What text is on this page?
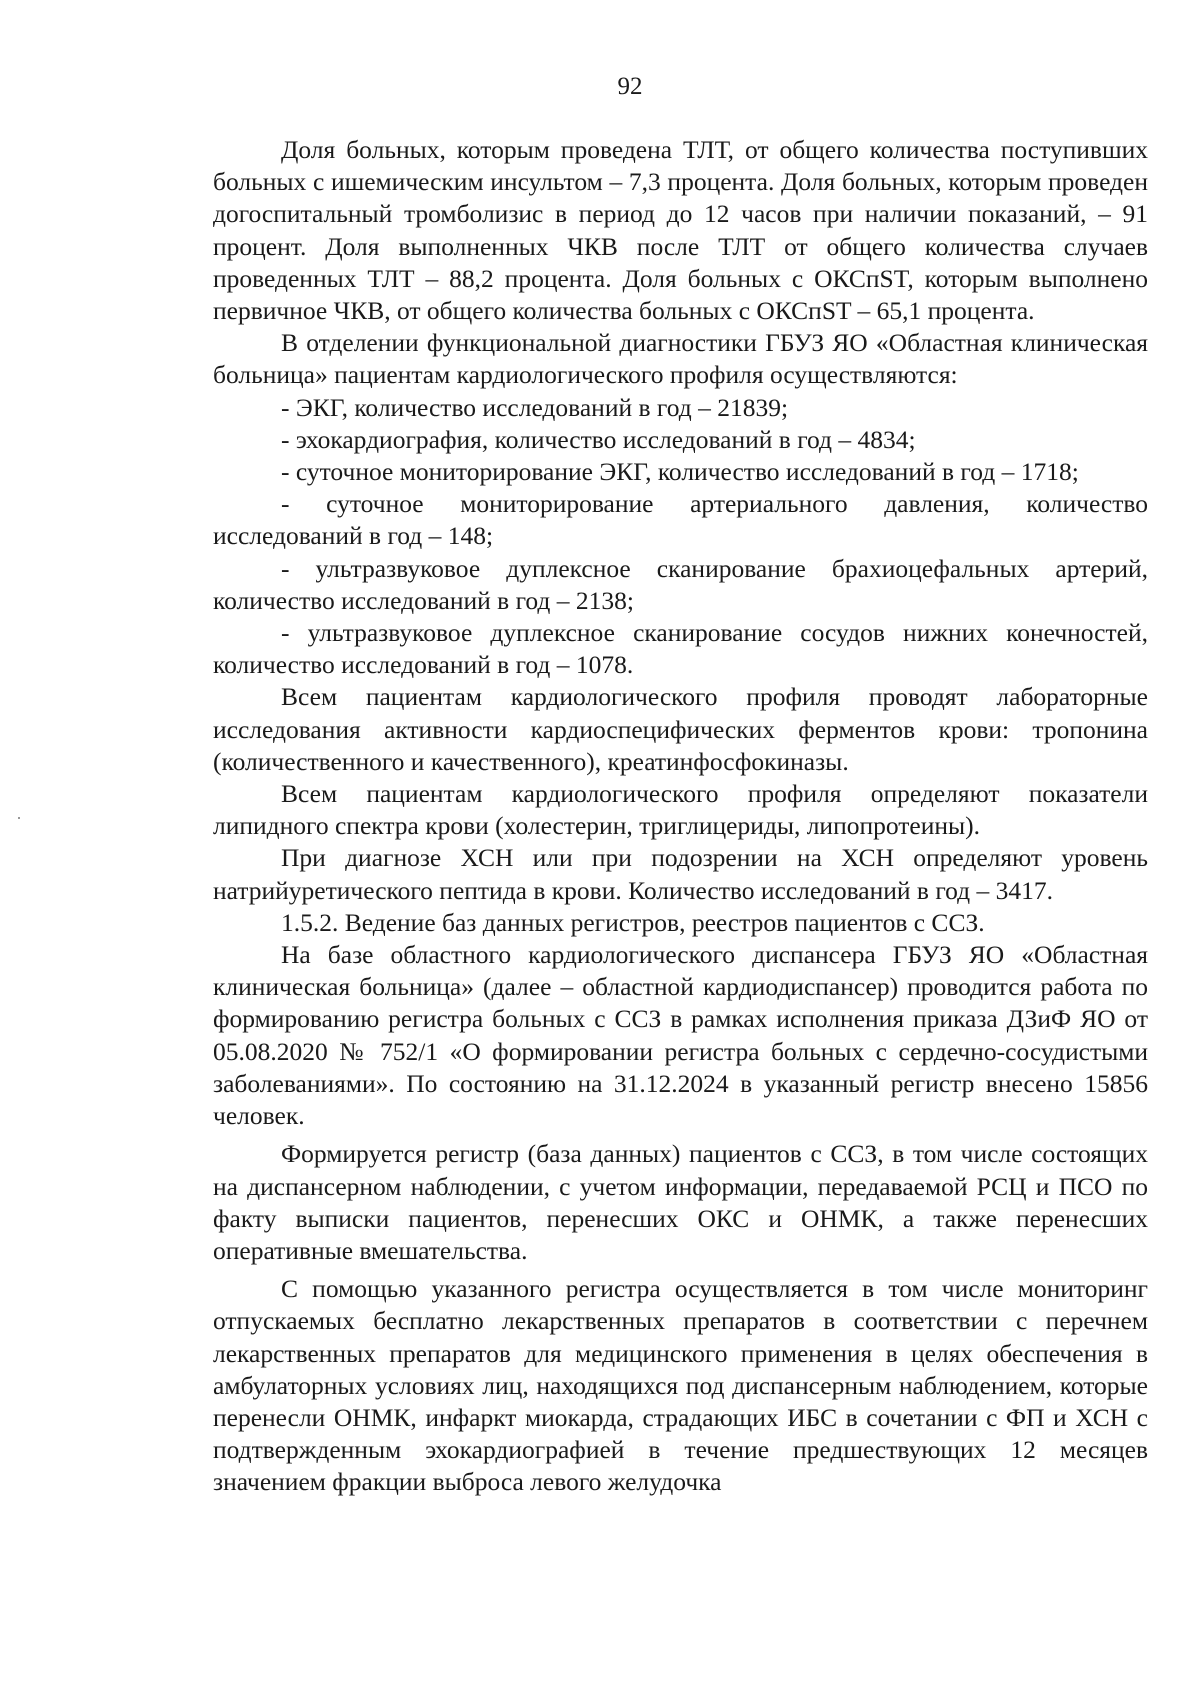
92

Доля больных, которым проведена ТЛТ, от общего количества поступивших больных с ишемическим инсультом – 7,3 процента. Доля больных, которым проведен догоспитальный тромболизис в период до 12 часов при наличии показаний, – 91 процент. Доля выполненных ЧКВ после ТЛТ от общего количества случаев проведенных ТЛТ – 88,2 процента. Доля больных с ОКСпST, которым выполнено первичное ЧКВ, от общего количества больных с ОКСпST – 65,1 процента.

В отделении функциональной диагностики ГБУЗ ЯО «Областная клиническая больница» пациентам кардиологического профиля осуществляются:

- ЭКГ, количество исследований в год – 21839;

- эхокардиография, количество исследований в год – 4834;

- суточное мониторирование ЭКГ, количество исследований в год – 1718;

- суточное мониторирование артериального давления, количество исследований в год – 148;

- ультразвуковое дуплексное сканирование брахиоцефальных артерий, количество исследований в год – 2138;

- ультразвуковое дуплексное сканирование сосудов нижних конечностей, количество исследований в год – 1078.

Всем пациентам кардиологического профиля проводят лабораторные исследования активности кардиоспецифических ферментов крови: тропонина (количественного и качественного), креатинфосфокиназы.

Всем пациентам кардиологического профиля определяют показатели липидного спектра крови (холестерин, триглицериды, липопротеины).

При диагнозе ХСН или при подозрении на ХСН определяют уровень натрийуретического пептида в крови. Количество исследований в год – 3417.

1.5.2. Ведение баз данных регистров, реестров пациентов с ССЗ.

На базе областного кардиологического диспансера ГБУЗ ЯО «Областная клиническая больница» (далее – областной кардиодиспансер) проводится работа по формированию регистра больных с ССЗ в рамках исполнения приказа ДЗиФ ЯО от 05.08.2020 № 752/1 «О формировании регистра больных с сердечно-сосудистыми заболеваниями». По состоянию на 31.12.2024 в указанный регистр внесено 15856 человек.

Формируется регистр (база данных) пациентов с ССЗ, в том числе состоящих на диспансерном наблюдении, с учетом информации, передаваемой РСЦ и ПСО по факту выписки пациентов, перенесших ОКС и ОНМК, а также перенесших оперативные вмешательства.

С помощью указанного регистра осуществляется в том числе мониторинг отпускаемых бесплатно лекарственных препаратов в соответствии с перечнем лекарственных препаратов для медицинского применения в целях обеспечения в амбулаторных условиях лиц, находящихся под диспансерным наблюдением, которые перенесли ОНМК, инфаркт миокарда, страдающих ИБС в сочетании с ФП и ХСН с подтвержденным эхокардиографией в течение предшествующих 12 месяцев значением фракции выброса левого желудочка
